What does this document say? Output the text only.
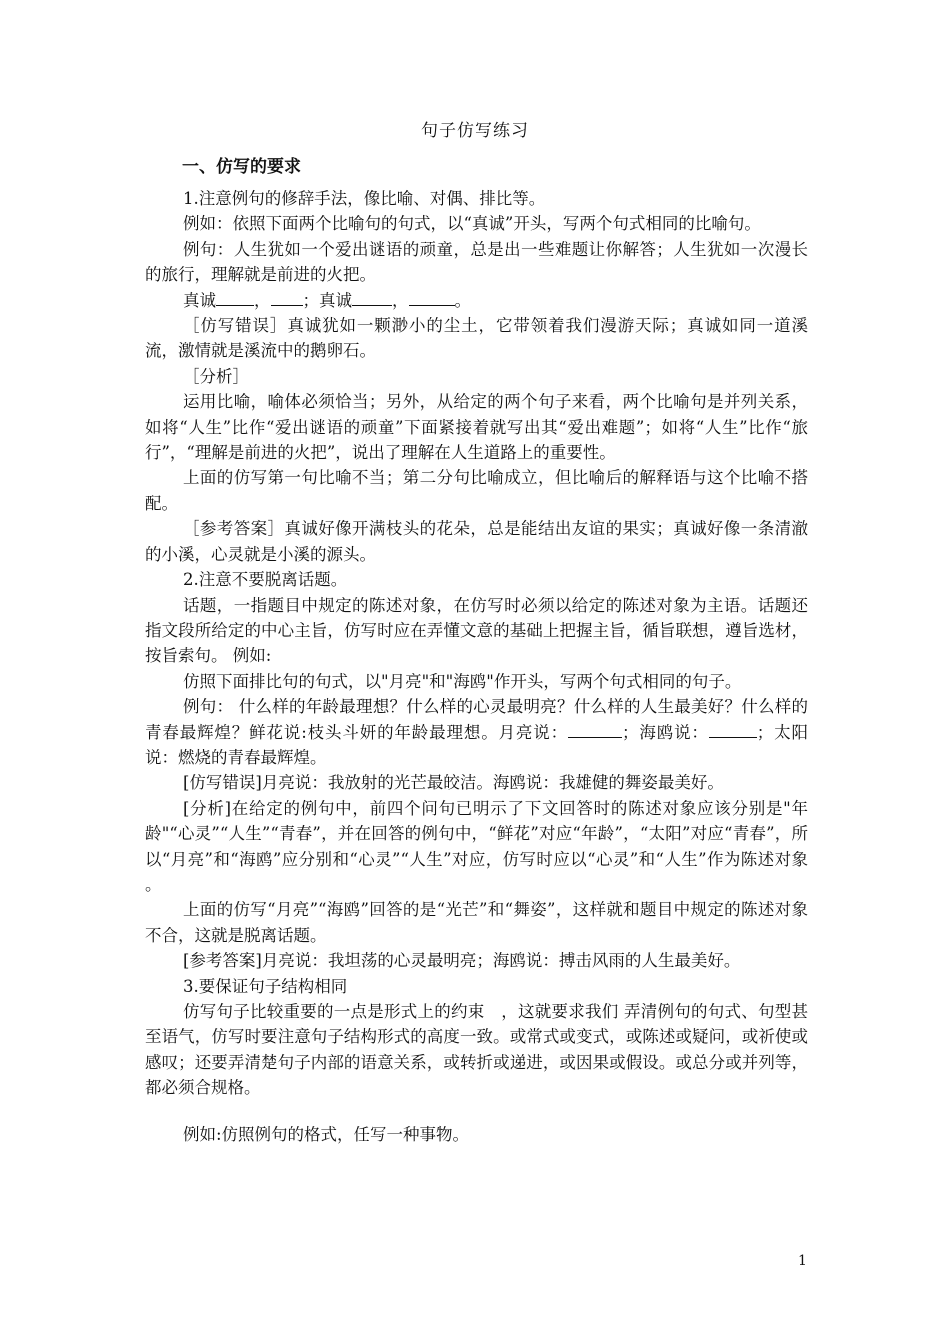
句子仿写练习
一、仿写的要求

1.注意例句的修辞手法，像比喻、对偶、排比等。

例如：依照下面两个比喻句的句式，以“真诚”开头，写两个句式相同的比喻句。

例句：人生犹如一个爱出谜语的顽童，总是出一些难题让你解答；人生犹如一次漫长的旅行，理解就是前进的火把。

真诚 ， ；真诚 ，	。

［仿写错误］真诚犹如一颗渺小的尘土，它带领着我们漫游天际；真诚如同一道溪流，激情就是溪流中的鹅卵石。

［分析］

运用比喻，喻体必须恰当；另外，从给定的两个句子来看，两个比喻句是并列关系，如将“人生”比作“爱出谜语的顽童”下面紧接着就写出其“爱出难题”；如将“人生”比作“旅行”，“理解是前进的火把”，说出了理解在人生道路上的重要性。

上面的仿写第一句比喻不当；第二分句比喻成立，但比喻后的解释语与这个比喻不搭配。

［参考答案］真诚好像开满枝头的花朵，总是能结出友谊的果实；真诚好像一条清澈的小溪，心灵就是小溪的源头。

2.注意不要脱离话题。

话题，一指题目中规定的陈述对象，在仿写时必须以给定的陈述对象为主语。话题还指文段所给定的中心主旨，仿写时应在弄懂文意的基础上把握主旨，循旨联想，遵旨选材，按旨索句。 例如:

仿照下面排比句的句式，以"月亮"和"海鸥"作开头，写两个句式相同的句子。

例句： 什么样的年龄最理想？什么样的心灵最明亮？什么样的人生最美好？什么样的青春最辉煌？鲜花说:枝头斗妍的年龄最理想。月亮说：	；海鸥说：	；太阳说：燃烧的青春最辉煌。

[仿写错误]月亮说：我放射的光芒最皎洁。海鸥说：我雄健的舞姿最美好。

[分析]在给定的例句中，前四个问句已明示了下文回答时的陈述对象应该分别是"年龄"“心灵”“人生”“青春”，并在回答的例句中，“鲜花”对应“年龄”，“太阳”对应“青春”，所以“月亮”和“海鸥”应分别和“心灵”“人生”对应，仿写时应以“心灵”和“人生”作为陈述对象 。

上面的仿写“月亮”“海鸥”回答的是“光芒”和“舞姿”，这样就和题目中规定的陈述对象不合，这就是脱离话题。

[参考答案]月亮说：我坦荡的心灵最明亮；海鸥说：搏击风雨的人生最美好。

3.要保证句子结构相同

仿写句子比较重要的一点是形式上的约束　，这就要求我们 弄清例句的句式、句型甚至语气，仿写时要注意句子结构形式的高度一致。或常式或变式，或陈述或疑问，或祈使或感叹；还要弄清楚句子内部的语意关系，或转折或递进，或因果或假设。或总分或并列等，都必须合规格。

例如:仿照例句的格式，任写一种事物。

1
